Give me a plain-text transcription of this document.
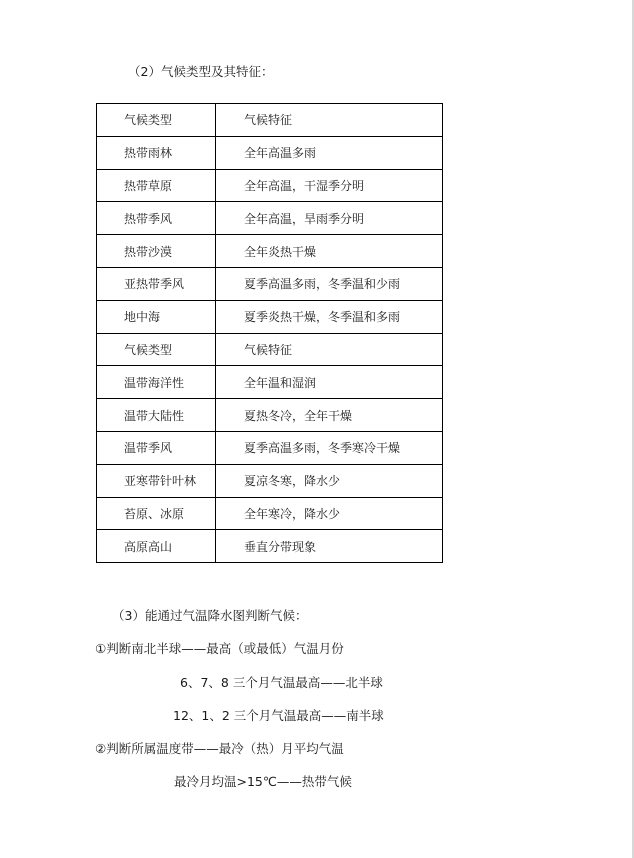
（2）气候类型及其特征：
气候类型	气候特征
热带雨林	全年高温多雨
热带草原	全年高温，干湿季分明
热带季风	全年高温，旱雨季分明
热带沙漠	全年炎热干燥
亚热带季风	夏季高温多雨，冬季温和少雨
地中海	夏季炎热干燥，冬季温和多雨
气候类型	气候特征
温带海洋性	全年温和湿润
温带大陆性	夏热冬冷，全年干燥
温带季风	夏季高温多雨，冬季寒冷干燥
亚寒带针叶林	夏凉冬寒，降水少
苔原、冰原	全年寒冷，降水少
高原高山	垂直分带现象
（3）能通过气温降水图判断气候：
①判断南北半球——最高（或最低）气温月份
6、7、8 三个月气温最高——北半球
12、1、2 三个月气温最高——南半球
②判断所属温度带——最冷（热）月平均气温
最冷月均温>15℃——热带气候
